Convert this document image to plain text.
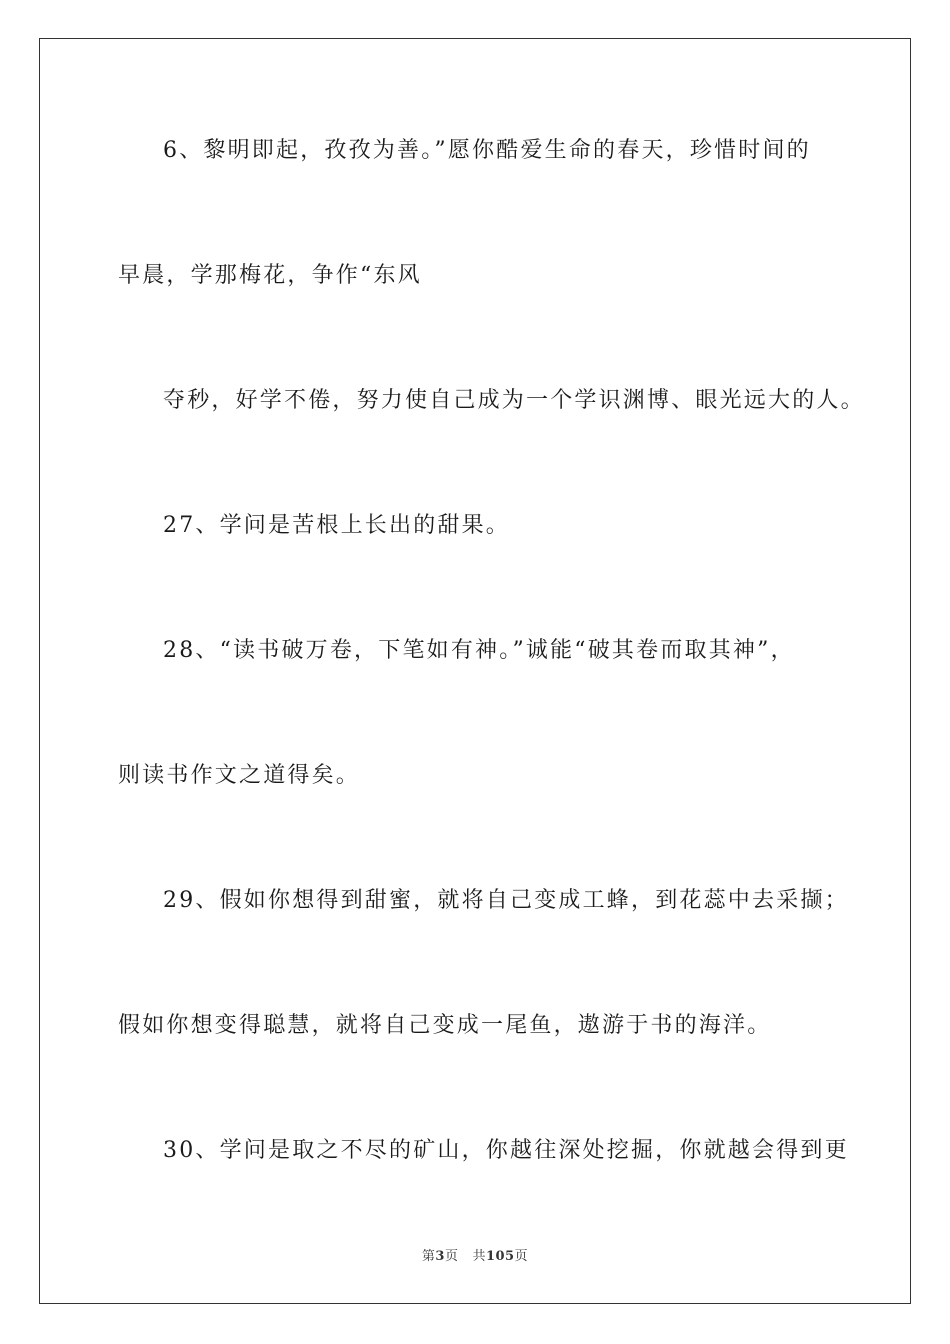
6、黎明即起，孜孜为善。”愿你酷爱生命的春天，珍惜时间的

早晨，学那梅花，争作“东风

夺秒，好学不倦，努力使自己成为一个学识渊博、眼光远大的人。

27、学问是苦根上长出的甜果。

28、“读书破万卷，下笔如有神。”诚能“破其卷而取其神”，

则读书作文之道得矣。

29、假如你想得到甜蜜，就将自己变成工蜂，到花蕊中去采撷；

假如你想变得聪慧，就将自己变成一尾鱼，遨游于书的海洋。

30、学问是取之不尽的矿山，你越往深处挖掘，你就越会得到更

第3页 共105页
